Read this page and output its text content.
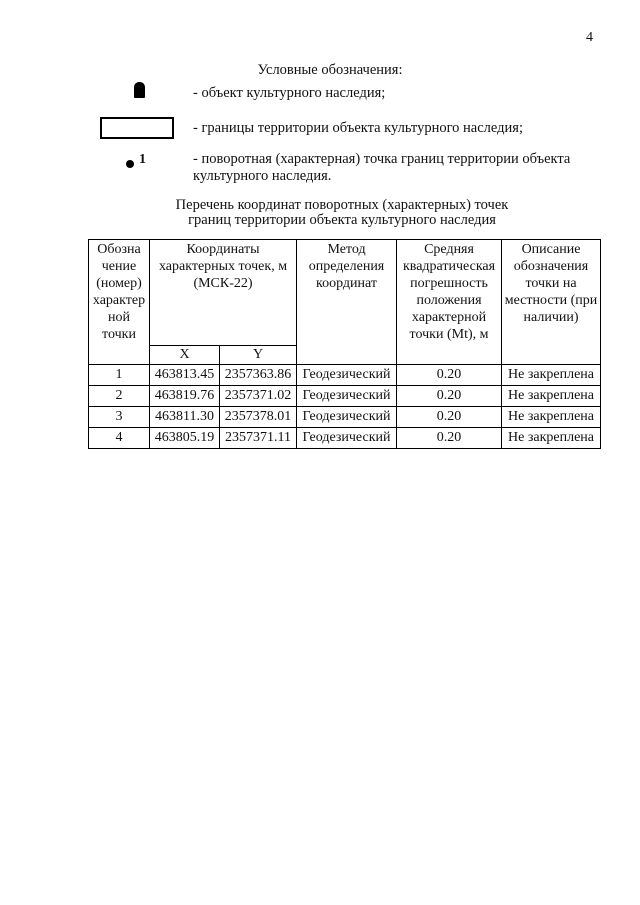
4
Условные обозначения:
- объект культурного наследия;
- границы территории объекта культурного наследия;
1	- поворотная (характерная) точка границ территории объекта культурного наследия.
Перечень координат поворотных (характерных) точек
границ территории объекта культурного наследия
Обозна чение (номер) характер ной точки	Координаты характерных точек, м (МСК-22)		Метод определения координат	Средняя квадратическая погрешность положения характерной точки (Mt), м	Описание обозначения точки на местности (при наличии)
	X	Y			
1	463813.45	2357363.86	Геодезический	0.20	Не закреплена
2	463819.76	2357371.02	Геодезический	0.20	Не закреплена
3	463811.30	2357378.01	Геодезический	0.20	Не закреплена
4	463805.19	2357371.11	Геодезический	0.20	Не закреплена
